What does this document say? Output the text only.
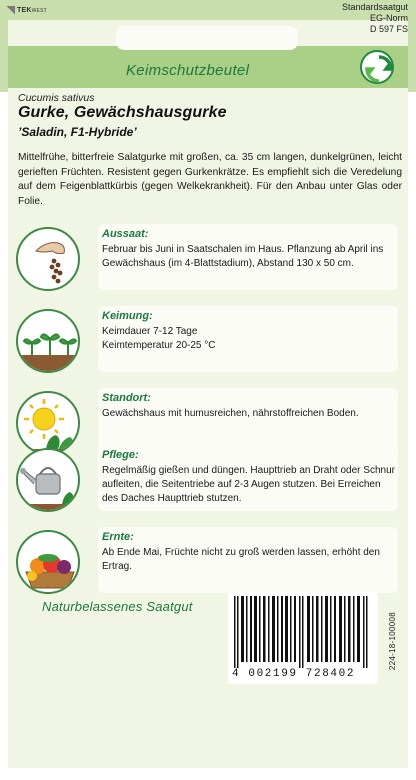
TEKWEST	Standardsaatgut
EG-Norm
D 597 FS
Keimschutzbeutel
Cucumis sativus
Gurke, Gewächshausgurke
’Saladin, F1-Hybride’
Mittelfrühe, bitterfreie Salatgurke mit großen, ca. 35 cm langen, dunkelgrünen, leicht gerieften Früchten. Resistent gegen Gurkenkrätze. Es empfiehlt sich die Veredelung auf dem Feigenblattkürbis (gegen Welkekrankheit). Für den Anbau unter Glas oder Folie.
Aussaat:
Februar bis Juni in Saatschalen im Haus. Pflanzung ab April ins Gewächshaus (im 4-Blattstadium), Abstand 130 x 50 cm.
Keimung:
Keimdauer 7-12 Tage
Keimtemperatur 20-25 °C
Standort:
Gewächshaus mit humusreichen, nährstoffreichen Boden.
Pflege:
Regelmäßig gießen und düngen. Haupttrieb an Draht oder Schnur aufleiten, die Seitentriebe auf 2-3 Augen stutzen. Bei Erreichen des Daches Haupttrieb stutzen.
Ernte:
Ab Ende Mai, Früchte nicht zu groß werden lassen, erhöht den Ertrag.
Naturbelassenes Saatgut
4 002199 728402
224-18-100008
